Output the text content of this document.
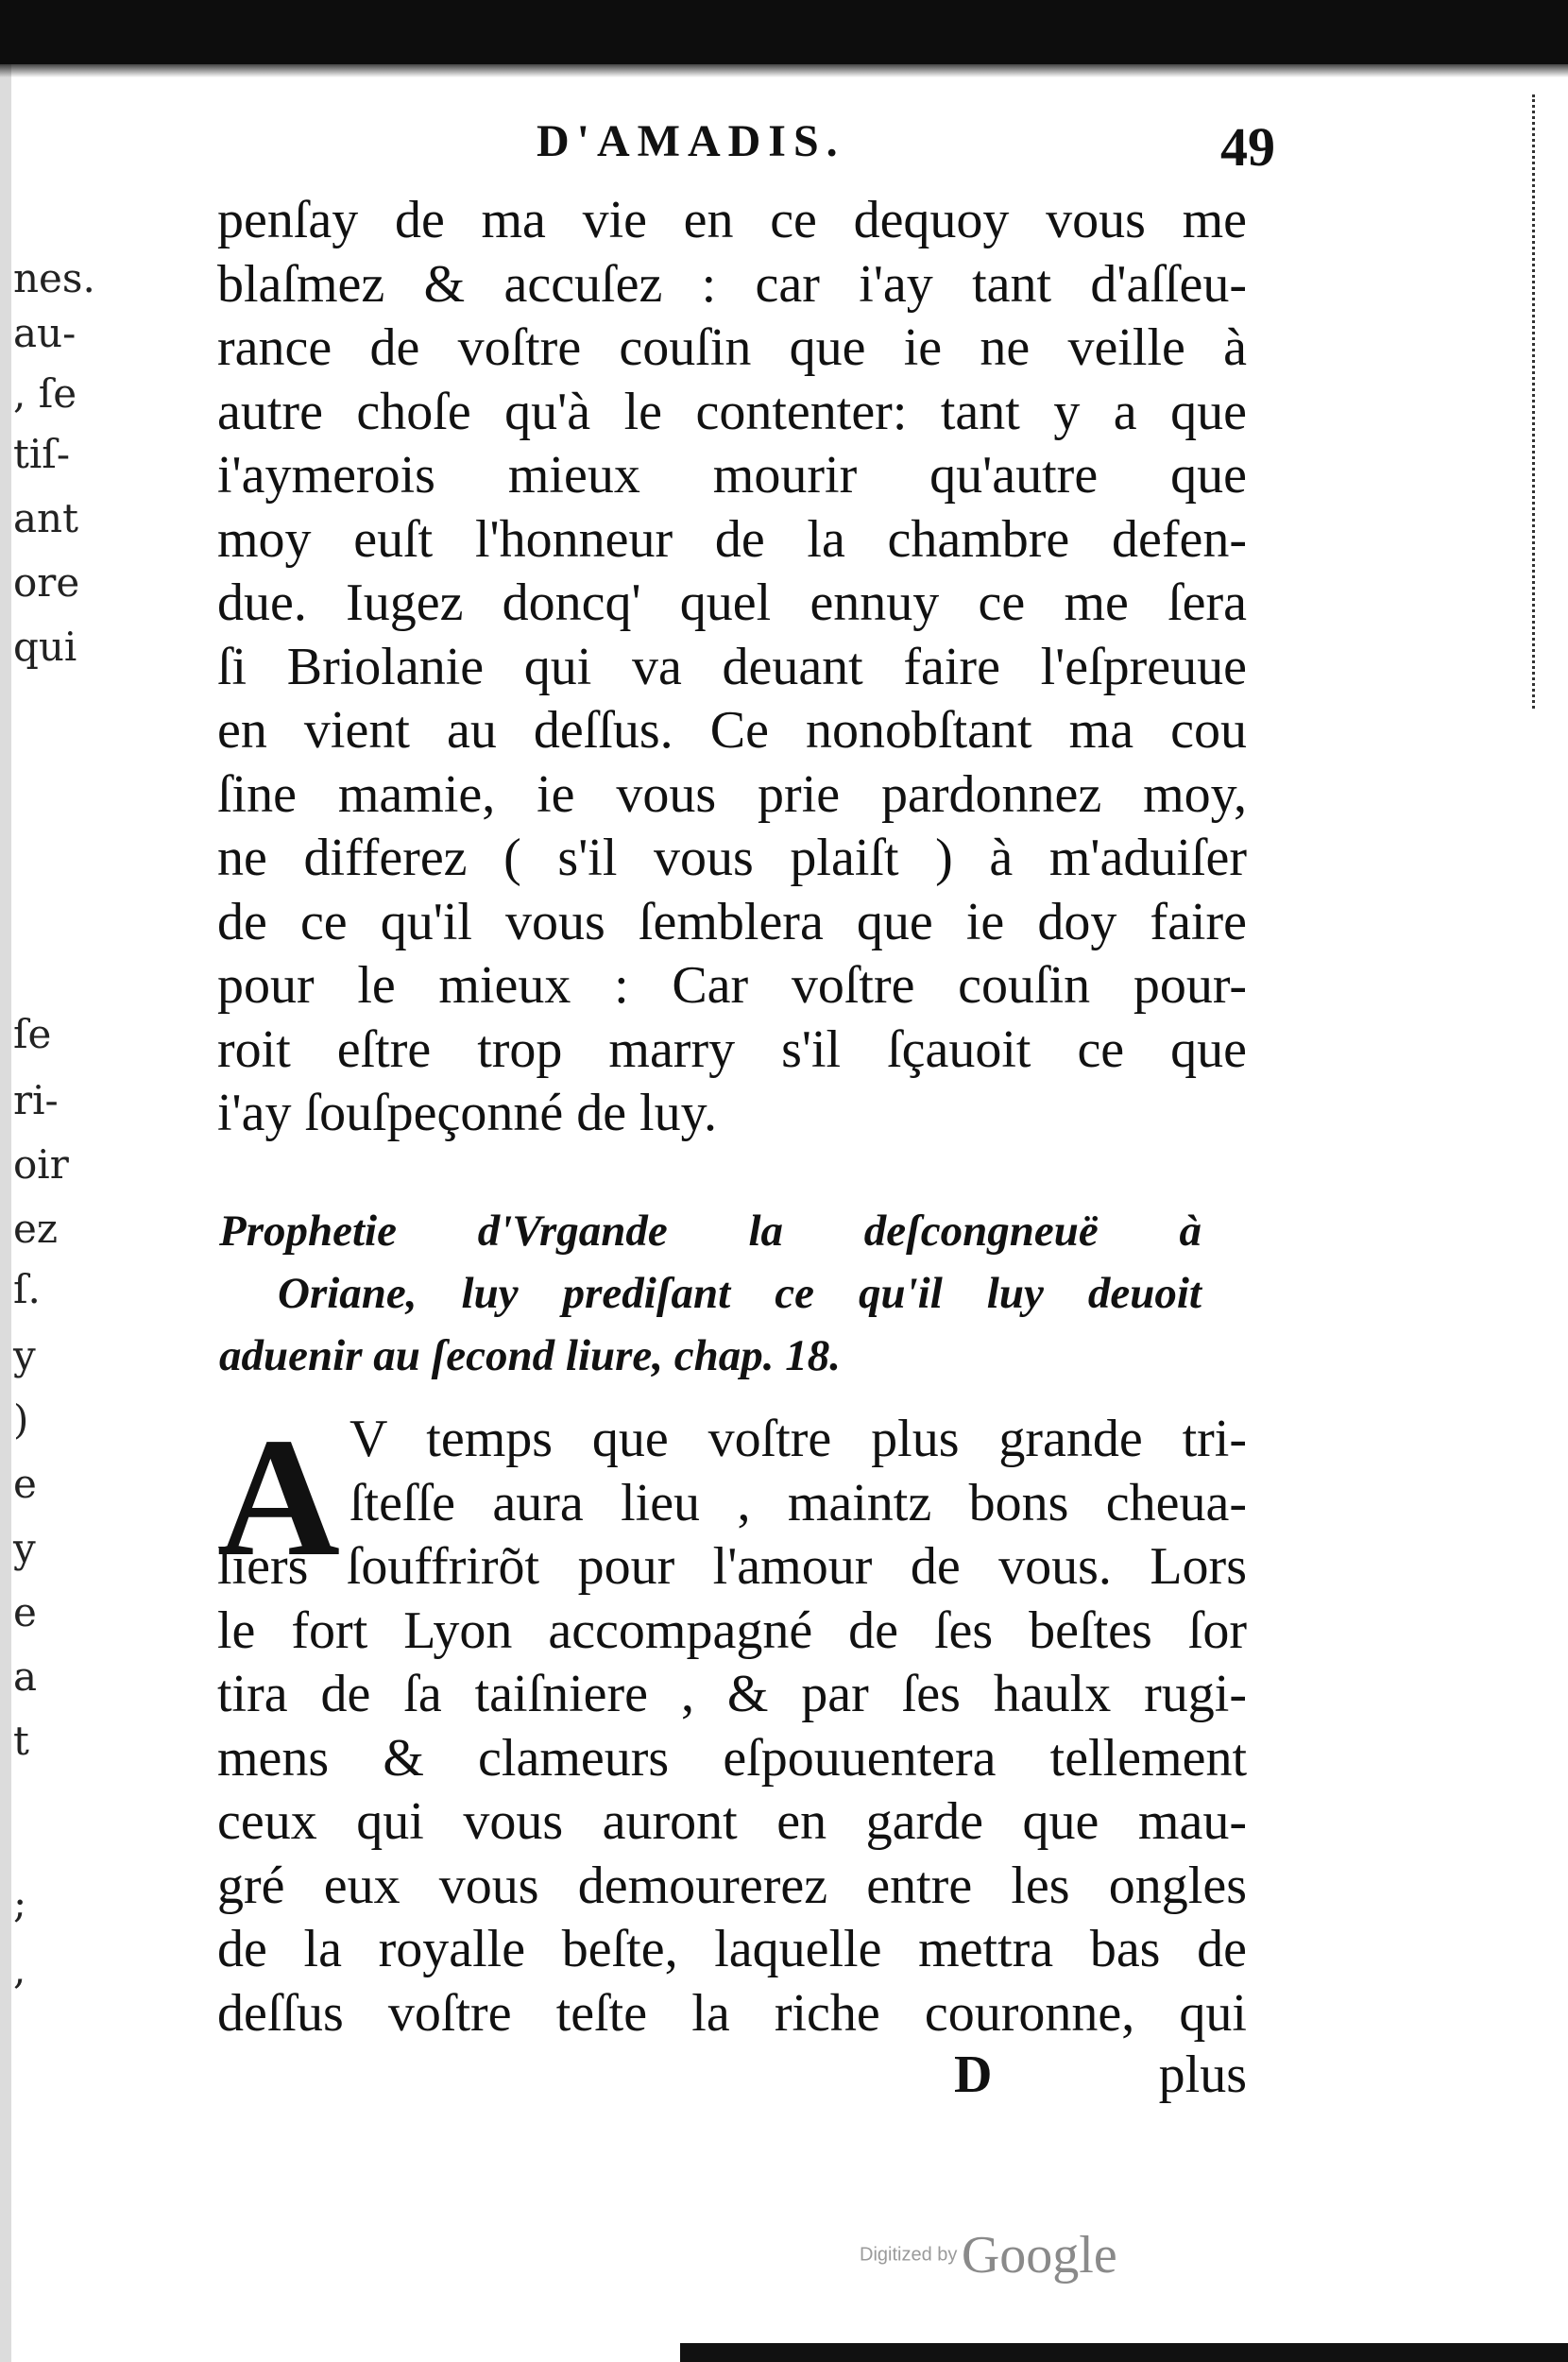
nes.
au-
, ſe
tiſ-
ant
ore
qui
ſe
ri-
oir
ez
ſ.
y
)
e
y
e
a
t
;
,
D'AMADIS.	49
penſay de ma vie en ce dequoy vous me
blaſmez & accuſez : car i'ay tant d'aſſeu-
rance de voſtre couſin que ie ne veille à
autre choſe qu'à le contenter: tant y a que
i'aymerois mieux mourir qu'autre que
moy euſt l'honneur de la chambre defen-
due. Iugez doncq' quel ennuy ce me ſera
ſi Briolanie qui va deuant faire l'eſpreuue
en vient au deſſus. Ce nonobſtant ma cou
ſine mamie, ie vous prie pardonnez moy,
ne differez ( s'il vous plaiſt ) à m'aduiſer
de ce qu'il vous ſemblera que ie doy faire
pour le mieux : Car voſtre couſin pour-
roit eſtre trop marry s'il ſçauoit ce que
i'ay ſouſpeçonné de luy.
Prophetie d'Vrgande la deſcongneuë à
Oriane, luy prediſant ce qu'il luy deuoit
aduenir au ſecond liure, chap. 18.
A V temps que voſtre plus grande tri-
ſteſſe aura lieu , maintz bons cheua-
liers ſouffrirõt pour l'amour de vous. Lors
le fort Lyon accompagné de ſes beſtes ſor
tira de ſa taiſniere , & par ſes haulx rugi-
mens & clameurs eſpouuentera tellement
ceux qui vous auront en garde que mau-
gré eux vous demourerez entre les ongles
de la royalle beſte, laquelle mettra bas de
deſſus voſtre teſte la riche couronne, qui
D	plus
Digitized by Google
